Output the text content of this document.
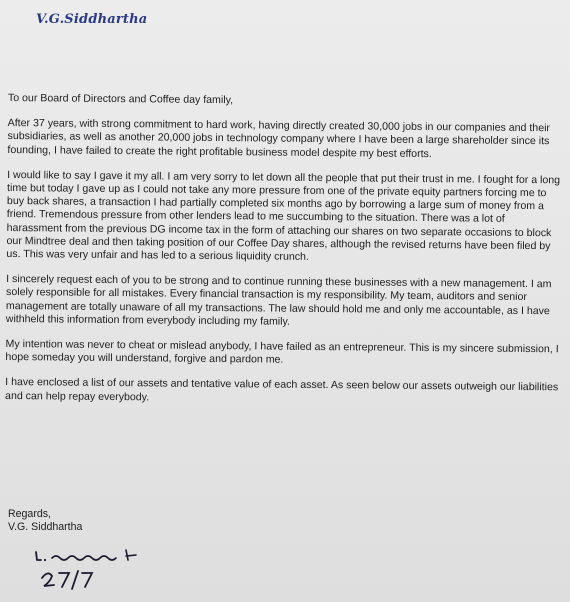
V.G.Siddhartha

To our Board of Directors and Coffee day family,

After 37 years, with strong commitment to hard work, having directly created 30,000 jobs in our companies and their subsidiaries, as well as another 20,000 jobs in technology company where I have been a large shareholder since its founding, I have failed to create the right profitable business model despite my best efforts.

I would like to say I gave it my all. I am very sorry to let down all the people that put their trust in me. I fought for a long time but today I gave up as I could not take any more pressure from one of the private equity partners forcing me to buy back shares, a transaction I had partially completed six months ago by borrowing a large sum of money from a friend. Tremendous pressure from other lenders lead to me succumbing to the situation. There was a lot of harassment from the previous DG income tax in the form of attaching our shares on two separate occasions to block our Mindtree deal and then taking position of our Coffee Day shares, although the revised returns have been filed by us. This was very unfair and has led to a serious liquidity crunch.

I sincerely request each of you to be strong and to continue running these businesses with a new management. I am solely responsible for all mistakes. Every financial transaction is my responsibility. My team, auditors and senior management are totally unaware of all my transactions. The law should hold me and only me accountable, as I have withheld this information from everybody including my family.

My intention was never to cheat or mislead anybody, I have failed as an entrepreneur. This is my sincere submission, I hope someday you will understand, forgive and pardon me.

I have enclosed a list of our assets and tentative value of each asset. As seen below our assets outweigh our liabilities and can help repay everybody.

Regards,
V.G. Siddhartha
